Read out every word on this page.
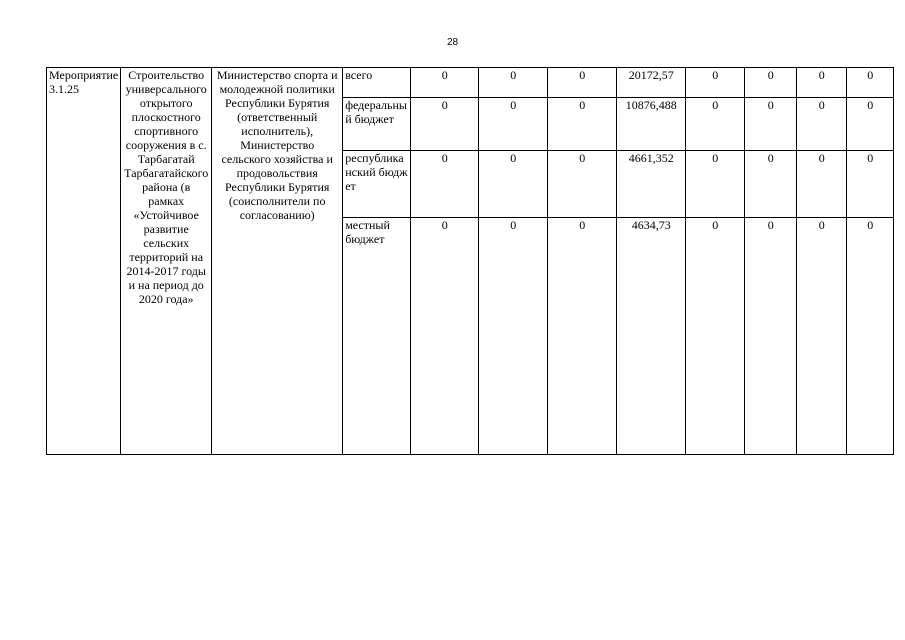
28
Мероприятие 3.1.25	Строительство универсального открытого плоскостного спортивного сооружения в с. Тарбагатай Тарбагатайского района (в рамках «Устойчивое развитие сельских территорий на 2014-2017 годы и на период до 2020 года»	Министерство спорта и молодежной политики Республики Бурятия (ответственный исполнитель), Министерство сельского хозяйства и продовольствия Республики Бурятия (соисполнители по согласованию)	всего	0	0	0	20172,57	0	0	0	0
			федеральный бюджет	0	0	0	10876,488	0	0	0	0
			республиканский бюджет	0	0	0	4661,352	0	0	0	0
			местный бюджет	0	0	0	4634,73	0	0	0	0
